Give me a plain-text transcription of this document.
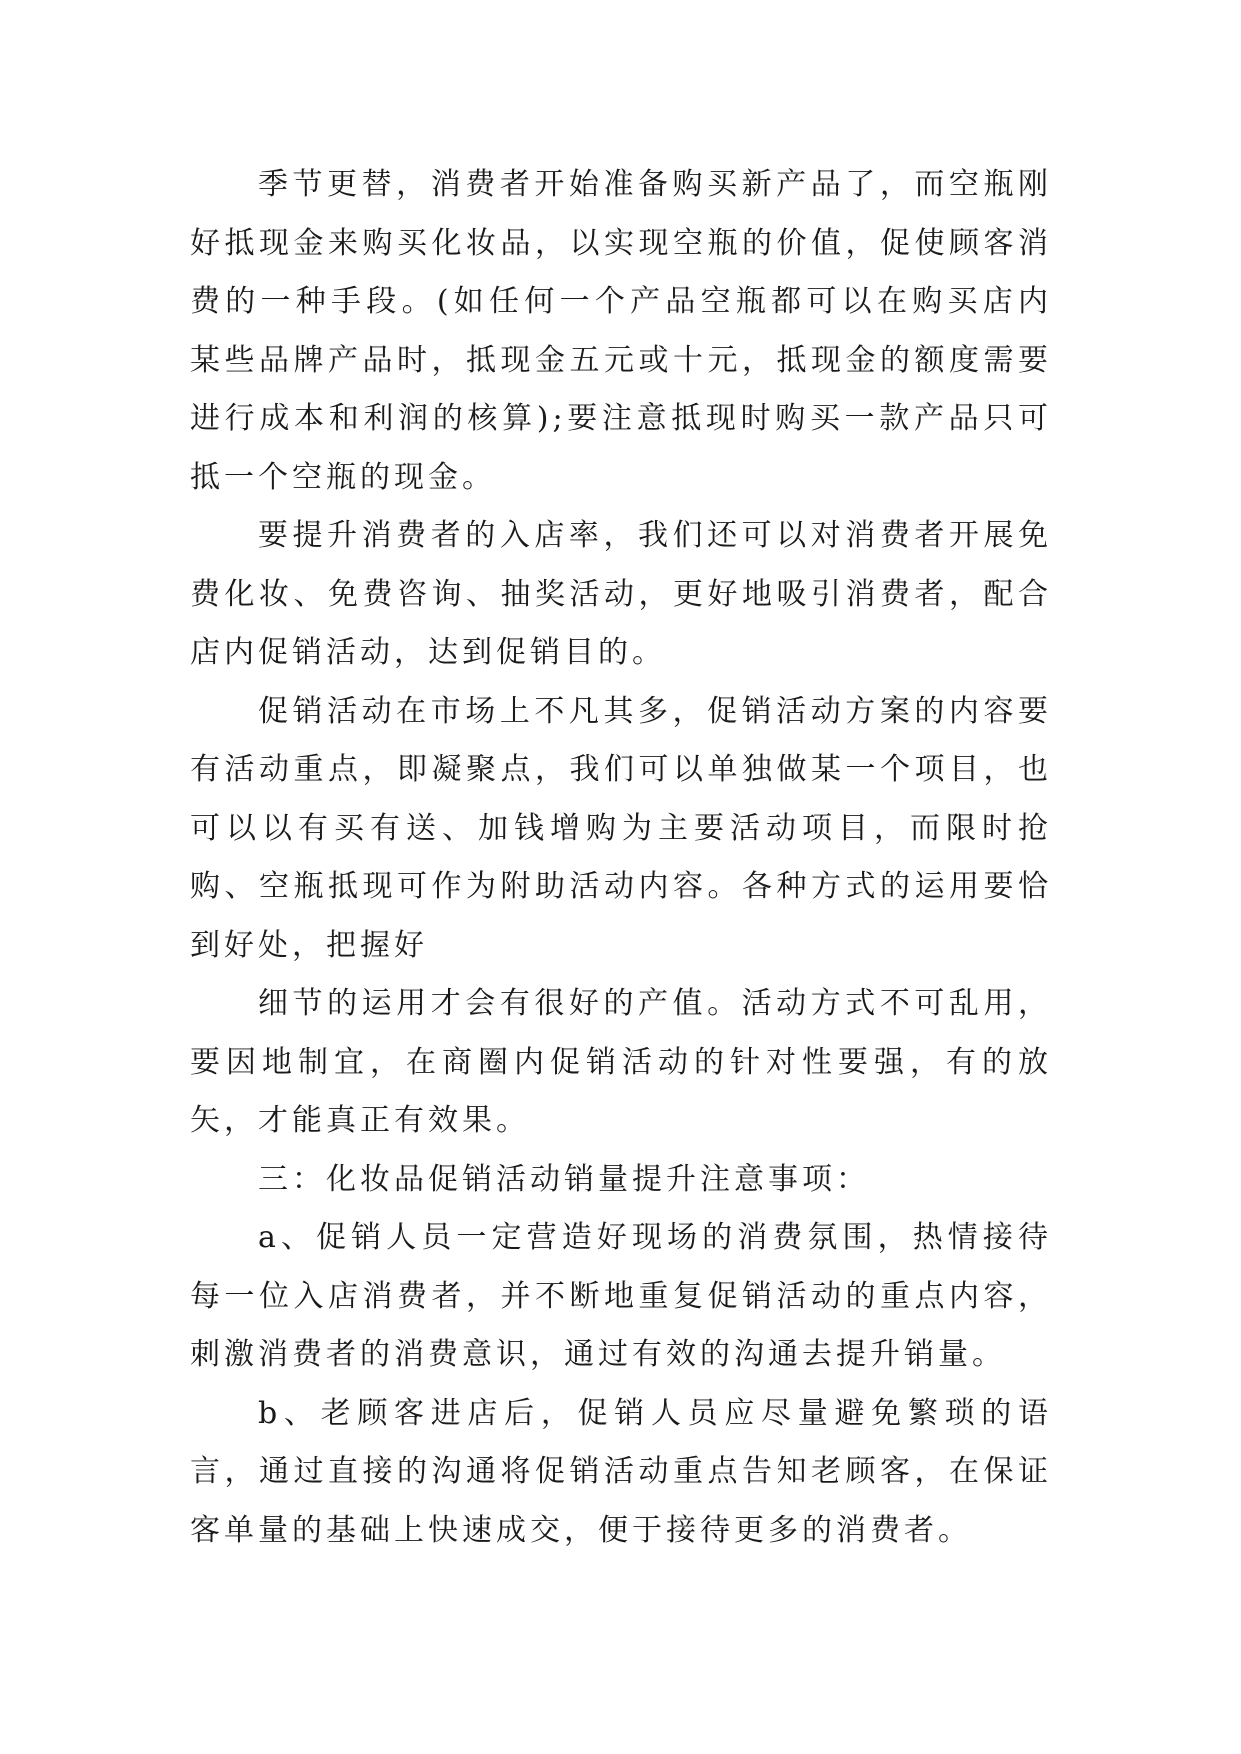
季节更替，消费者开始准备购买新产品了，而空瓶刚好抵现金来购买化妆品，以实现空瓶的价值，促使顾客消费的一种手段。(如任何一个产品空瓶都可以在购买店内某些品牌产品时，抵现金五元或十元，抵现金的额度需要进行成本和利润的核算);要注意抵现时购买一款产品只可抵一个空瓶的现金。

要提升消费者的入店率，我们还可以对消费者开展免费化妆、免费咨询、抽奖活动，更好地吸引消费者，配合店内促销活动，达到促销目的。

促销活动在市场上不凡其多，促销活动方案的内容要有活动重点，即凝聚点，我们可以单独做某一个项目，也可以以有买有送、加钱增购为主要活动项目，而限时抢购、空瓶抵现可作为附助活动内容。各种方式的运用要恰到好处，把握好

细节的运用才会有很好的产值。活动方式不可乱用，要因地制宜，在商圈内促销活动的针对性要强，有的放矢，才能真正有效果。

三：化妆品促销活动销量提升注意事项：

a、促销人员一定营造好现场的消费氛围，热情接待每一位入店消费者，并不断地重复促销活动的重点内容，刺激消费者的消费意识，通过有效的沟通去提升销量。

b、老顾客进店后，促销人员应尽量避免繁琐的语言，通过直接的沟通将促销活动重点告知老顾客，在保证客单量的基础上快速成交，便于接待更多的消费者。
